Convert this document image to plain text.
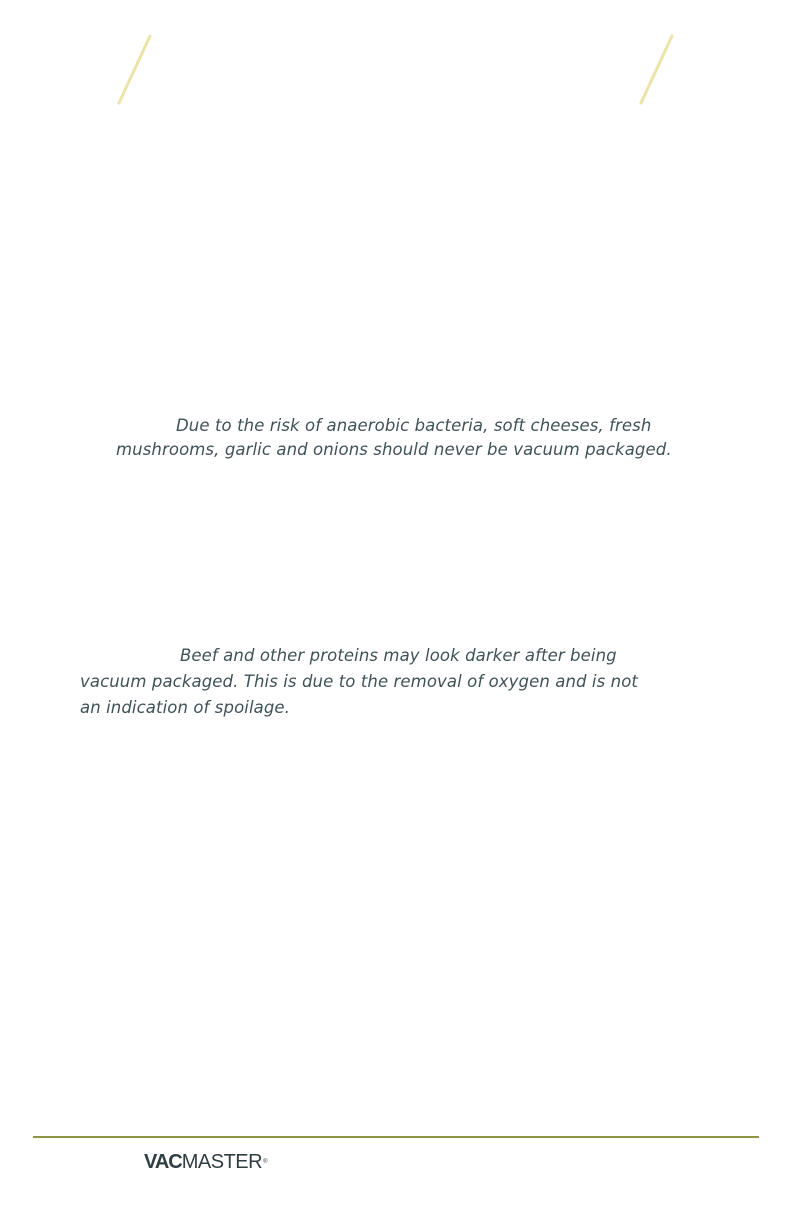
Due to the risk of anaerobic bacteria, soft cheeses, fresh
mushrooms, garlic and onions should never be vacuum packaged.

Beef and other proteins may look darker after being
vacuum packaged. This is due to the removal of oxygen and is not
an indication of spoilage.

VACMASTER®
